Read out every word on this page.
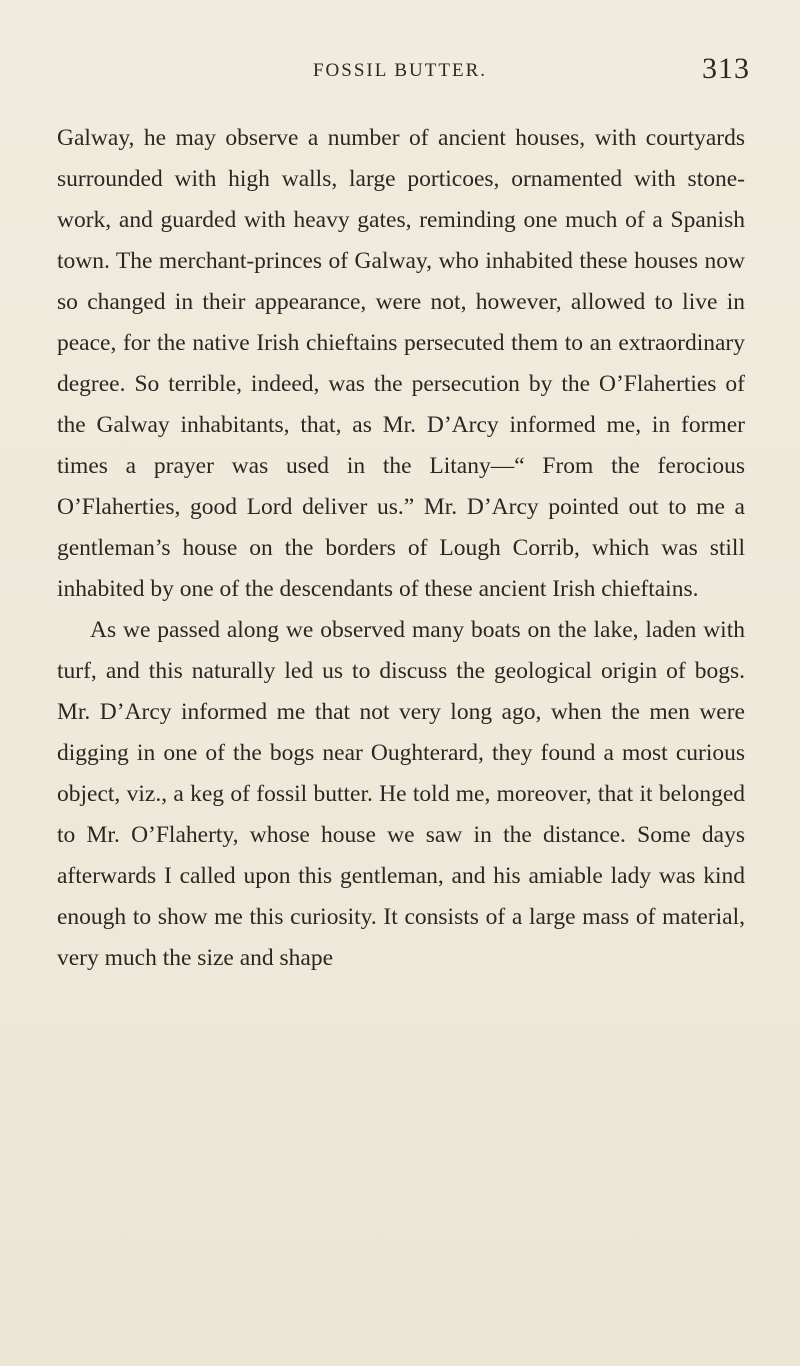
FOSSIL BUTTER.	313

Galway, he may observe a number of ancient houses, with courtyards surrounded with high walls, large porticoes, ornamented with stone-work, and guarded with heavy gates, reminding one much of a Spanish town. The merchant-princes of Galway, who inhabited these houses now so changed in their appearance, were not, however, allowed to live in peace, for the native Irish chieftains persecuted them to an extraordinary degree. So terrible, indeed, was the persecution by the O’Flaherties of the Galway inhabitants, that, as Mr. D’Arcy informed me, in former times a prayer was used in the Litany—“ From the ferocious O’Flaherties, good Lord deliver us.” Mr. D’Arcy pointed out to me a gentleman’s house on the borders of Lough Corrib, which was still inhabited by one of the descendants of these ancient Irish chieftains.

As we passed along we observed many boats on the lake, laden with turf, and this naturally led us to discuss the geological origin of bogs. Mr. D’Arcy informed me that not very long ago, when the men were digging in one of the bogs near Oughterard, they found a most curious object, viz., a keg of fossil butter. He told me, moreover, that it belonged to Mr. O’Flaherty, whose house we saw in the distance. Some days afterwards I called upon this gentleman, and his amiable lady was kind enough to show me this curiosity. It consists of a large mass of material, very much the size and shape
